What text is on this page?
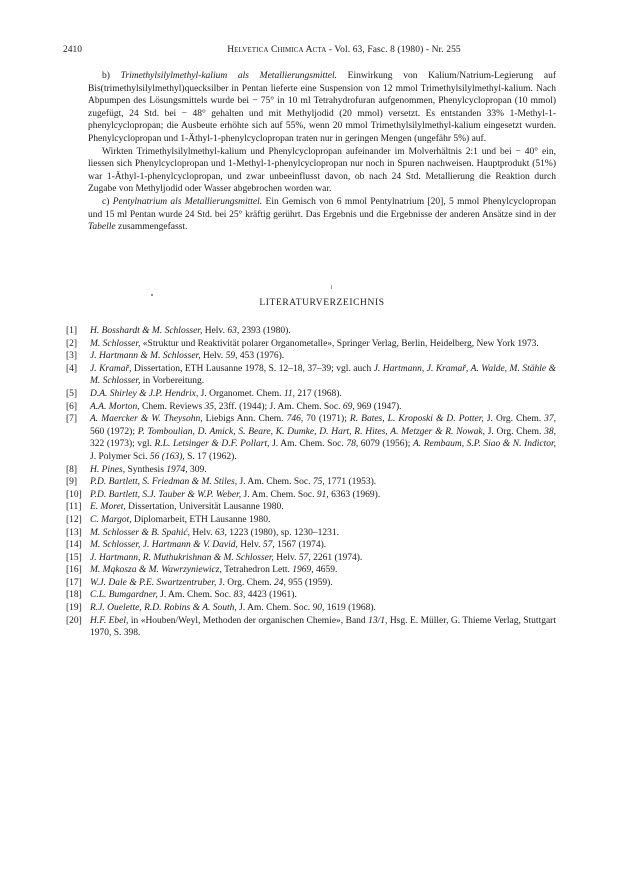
2410	Helvetica Chimica Acta - Vol. 63, Fasc. 8 (1980) - Nr. 255

b) Trimethylsilylmethyl-kalium als Metallierungsmittel. Einwirkung von Kalium/Natrium-Legierung auf Bis(trimethylsilylmethyl)quecksilber in Pentan lieferte eine Suspension von 12 mmol Trimethylsilylmethyl-kalium. Nach Abpumpen des Lösungsmittels wurde bei − 75° in 10 ml Tetrahydrofuran aufgenommen, Phenylcyclopropan (10 mmol) zugefügt, 24 Std. bei − 48° gehalten und mit Methyljodid (20 mmol) versetzt. Es entstanden 33% 1-Methyl-1-phenylcyclopropan; die Ausbeute erhöhte sich auf 55%, wenn 20 mmol Trimethylsilylmethyl-kalium eingesetzt wurden. Phenylcyclopropan und 1-Äthyl-1-phenylcyclopropan traten nur in geringen Mengen (ungefähr 5%) auf.

Wirkten Trimethylsilylmethyl-kalium und Phenylcyclopropan aufeinander im Molverhältnis 2:1 und bei − 40° ein, liessen sich Phenylcyclopropan und 1-Methyl-1-phenylcyclopropan nur noch in Spuren nachweisen. Hauptprodukt (51%) war 1-Äthyl-1-phenylcyclopropan, und zwar unbeeinflusst davon, ob nach 24 Std. Metallierung die Reaktion durch Zugabe von Methyljodid oder Wasser abgebrochen worden war.

c) Pentylnatrium als Metallierungsmittel. Ein Gemisch von 6 mmol Pentylnatrium [20], 5 mmol Phenylcyclopropan und 15 ml Pentan wurde 24 Std. bei 25° kräftig gerührt. Das Ergebnis und die Ergebnisse der anderen Ansätze sind in der Tabelle zusammengefasst.

LITERATURVERZEICHNIS
[1]	H. Bosshardt & M. Schlosser, Helv. 63, 2393 (1980).
[2]	M. Schlosser, «Struktur und Reaktivität polarer Organometalle», Springer Verlag, Berlin, Heidelberg, New York 1973.
[3]	J. Hartmann & M. Schlosser, Helv. 59, 453 (1976).
[4]	J. Kramař, Dissertation, ETH Lausanne 1978, S. 12–18, 37–39; vgl. auch J. Hartmann, J. Kramař, A. Walde, M. Stähle & M. Schlosser, in Vorbereitung.
[5]	D.A. Shirley & J.P. Hendrix, J. Organomet. Chem. 11, 217 (1968).
[6]	A.A. Morton, Chem. Reviews 35, 23ff. (1944); J. Am. Chem. Soc. 69, 969 (1947).
[7]	A. Maercker & W. Theysohn, Liebigs Ann. Chem. 746, 70 (1971); R. Bates, L. Kroposki & D. Potter, J. Org. Chem. 37, 560 (1972); P. Tomboulian, D. Amick, S. Beare, K. Dumke, D. Hart, R. Hites, A. Metzger & R. Nowak, J. Org. Chem. 38, 322 (1973); vgl. R.L. Letsinger & D.F. Pollart, J. Am. Chem. Soc. 78, 6079 (1956); A. Rembaum, S.P. Siao & N. Indictor, J. Polymer Sci. 56 (163), S. 17 (1962).
[8]	H. Pines, Synthesis 1974, 309.
[9]	P.D. Bartlett, S. Friedman & M. Stiles, J. Am. Chem. Soc. 75, 1771 (1953).
[10] P.D. Bartlett, S.J. Tauber & W.P. Weber, J. Am. Chem. Soc. 91, 6363 (1969).
[11] E. Moret, Dissertation, Universität Lausanne 1980.
[12] C. Margot, Diplomarbeit, ETH Lausanne 1980.
[13] M. Schlosser & B. Spahić, Helv. 63, 1223 (1980), sp. 1230–1231.
[14] M. Schlosser, J. Hartmann & V. David, Helv. 57, 1567 (1974).
[15] J. Hartmann, R. Muthukrishnan & M. Schlosser, Helv. 57, 2261 (1974).
[16] M. Mąkosza & M. Wawrzyniewicz, Tetrahedron Lett. 1969, 4659.
[17] W.J. Dale & P.E. Swartzentruber, J. Org. Chem. 24, 955 (1959).
[18] C.L. Bumgardner, J. Am. Chem. Soc. 83, 4423 (1961).
[19] R.J. Ouelette, R.D. Robins & A. South, J. Am. Chem. Soc. 90, 1619 (1968).
[20] H.F. Ebel, in «Houben/Weyl, Methoden der organischen Chemie», Band 13/1, Hsg. E. Müller, G. Thieme Verlag, Stuttgart 1970, S. 398.
